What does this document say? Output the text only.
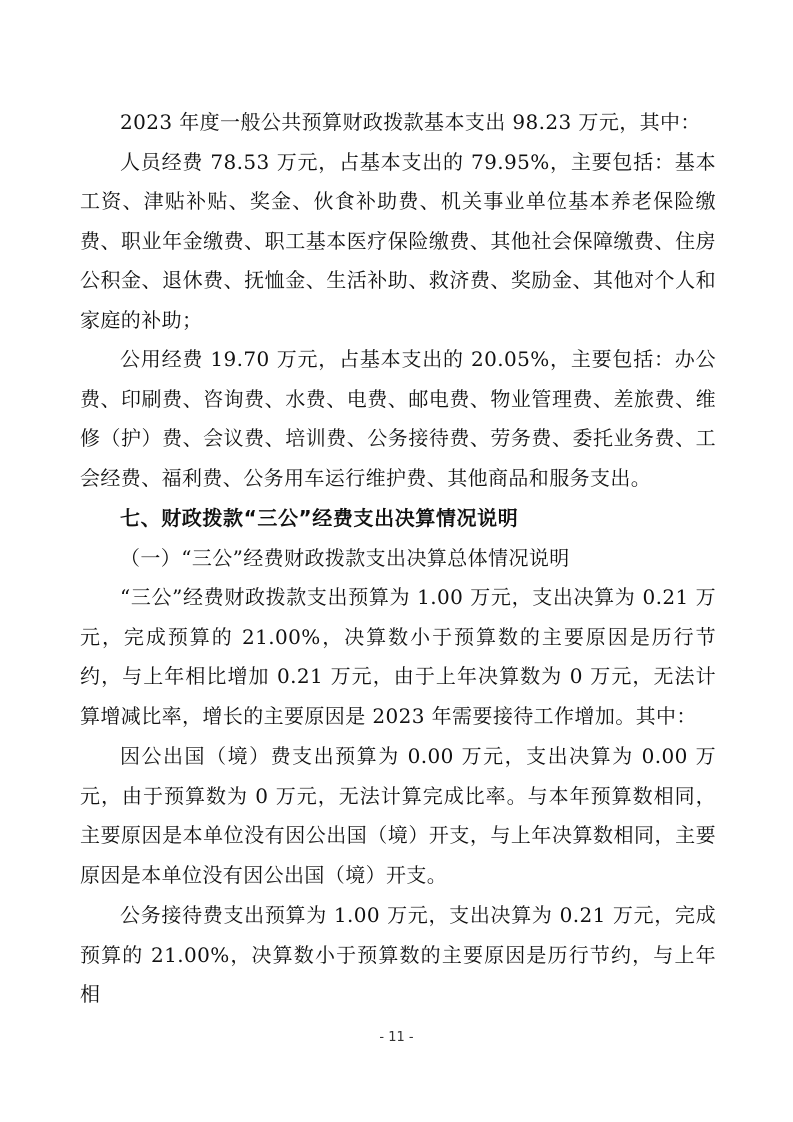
2023 年度一般公共预算财政拨款基本支出 98.23 万元，其中：

人员经费 78.53 万元，占基本支出的 79.95%，主要包括：基本工资、津贴补贴、奖金、伙食补助费、机关事业单位基本养老保险缴费、职业年金缴费、职工基本医疗保险缴费、其他社会保障缴费、住房公积金、退休费、抚恤金、生活补助、救济费、奖励金、其他对个人和家庭的补助；

公用经费 19.70 万元，占基本支出的 20.05%，主要包括：办公费、印刷费、咨询费、水费、电费、邮电费、物业管理费、差旅费、维修（护）费、会议费、培训费、公务接待费、劳务费、委托业务费、工会经费、福利费、公务用车运行维护费、其他商品和服务支出。

七、财政拨款“三公”经费支出决算情况说明

（一）“三公”经费财政拨款支出决算总体情况说明

“三公”经费财政拨款支出预算为 1.00 万元，支出决算为 0.21 万元，完成预算的 21.00%，决算数小于预算数的主要原因是历行节约，与上年相比增加 0.21 万元，由于上年决算数为 0 万元，无法计算增减比率，增长的主要原因是 2023 年需要接待工作增加。其中：

因公出国（境）费支出预算为 0.00 万元，支出决算为 0.00 万元，由于预算数为 0 万元，无法计算完成比率。与本年预算数相同，主要原因是本单位没有因公出国（境）开支，与上年决算数相同，主要原因是本单位没有因公出国（境）开支。

公务接待费支出预算为 1.00 万元，支出决算为 0.21 万元，完成预算的 21.00%，决算数小于预算数的主要原因是历行节约，与上年相

- 11 -
